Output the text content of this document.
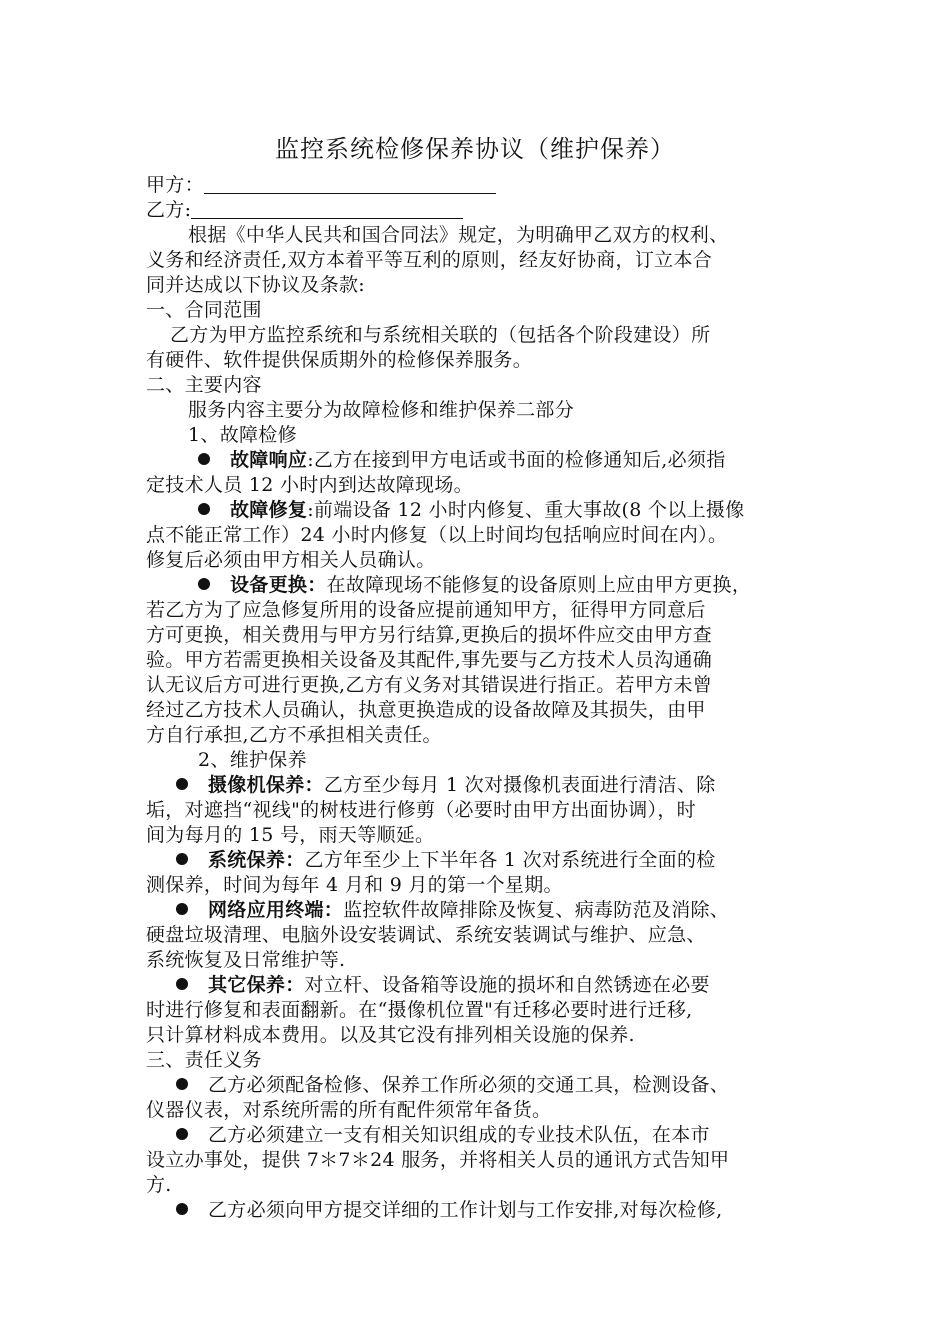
监控系统检修保养协议（维护保养）
甲方：
乙方:
根据《中华人民共和国合同法》规定，为明确甲乙双方的权利、
义务和经济责任,双方本着平等互利的原则，经友好协商，订立本合
同并达成以下协议及条款:
一、合同范围
乙方为甲方监控系统和与系统相关联的（包括各个阶段建设）所
有硬件、软件提供保质期外的检修保养服务。
二、主要内容
服务内容主要分为故障检修和维护保养二部分
1、故障检修
故障响应:乙方在接到甲方电话或书面的检修通知后,必须指
定技术人员 12 小时内到达故障现场。
故障修复:前端设备 12 小时内修复、重大事故(8 个以上摄像
点不能正常工作）24 小时内修复（以上时间均包括响应时间在内）。
修复后必须由甲方相关人员确认。
设备更换：在故障现场不能修复的设备原则上应由甲方更换，
若乙方为了应急修复所用的设备应提前通知甲方，征得甲方同意后
方可更换，相关费用与甲方另行结算,更换后的损坏件应交由甲方查
验。甲方若需更换相关设备及其配件,事先要与乙方技术人员沟通确
认无议后方可进行更换,乙方有义务对其错误进行指正。若甲方未曾
经过乙方技术人员确认，执意更换造成的设备故障及其损失，由甲
方自行承担,乙方不承担相关责任。
2、维护保养
摄像机保养：乙方至少每月 1 次对摄像机表面进行清洁、除
垢，对遮挡“视线"的树枝进行修剪（必要时由甲方出面协调），时
间为每月的 15 号，雨天等顺延。
系统保养：乙方年至少上下半年各 1 次对系统进行全面的检
测保养，时间为每年 4 月和 9 月的第一个星期。
网络应用终端：监控软件故障排除及恢复、病毒防范及消除、
硬盘垃圾清理、电脑外设安装调试、系统安装调试与维护、应急、
系统恢复及日常维护等.
其它保养：对立杆、设备箱等设施的损坏和自然锈迹在必要
时进行修复和表面翻新。在“摄像机位置"有迁移必要时进行迁移,
只计算材料成本费用。以及其它没有排列相关设施的保养.
三、责任义务
乙方必须配备检修、保养工作所必须的交通工具，检测设备、
仪器仪表，对系统所需的所有配件须常年备货。
乙方必须建立一支有相关知识组成的专业技术队伍，在本市
设立办事处，提供 7＊7＊24 服务，并将相关人员的通讯方式告知甲
方.
乙方必须向甲方提交详细的工作计划与工作安排,对每次检修,
